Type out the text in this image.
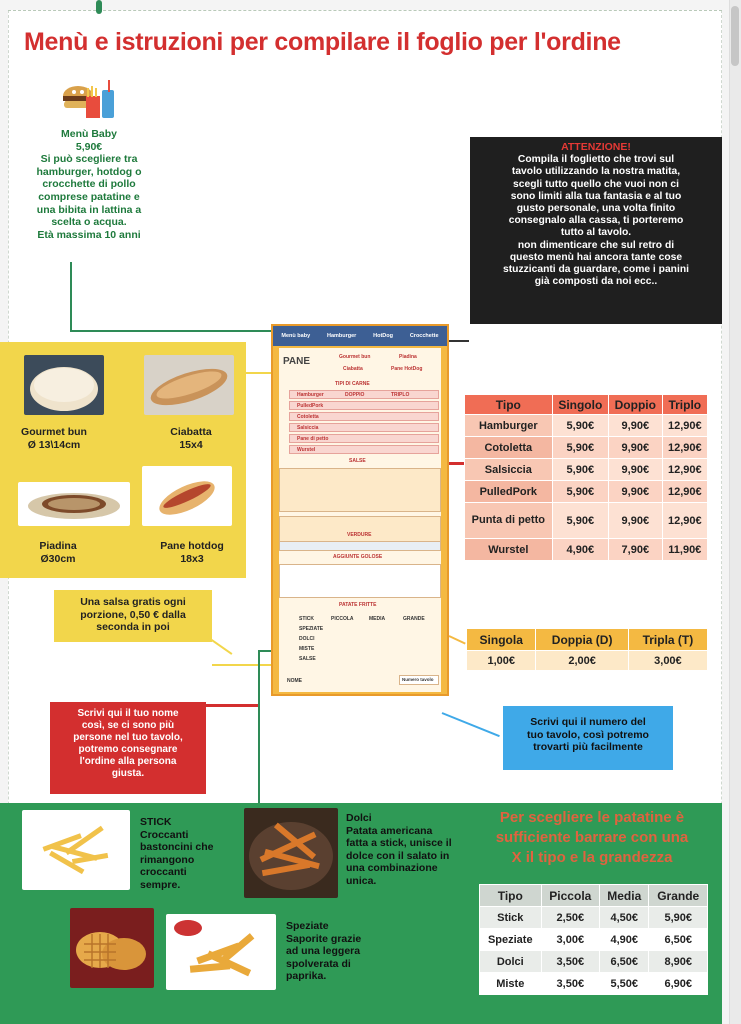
Menù e istruzioni per compilare il foglio per l'ordine
Menù Baby
5,90€
Si può scegliere tra
hamburger, hotdog o
crocchette di pollo
comprese patatine e
una bibita in lattina a
scelta o acqua.
Età massima 10 anni
ATTENZIONE!
Compila il foglietto che trovi sul
tavolo utilizzando la nostra matita,
scegli tutto quello che vuoi non ci
sono limiti alla tua fantasia e al tuo
gusto personale, una volta finito
consegnalo alla cassa, ti porteremo
tutto al tavolo.
non dimenticare che sul retro di
questo menù hai ancora tante cose
stuzzicanti da guardare, come i panini
già composti da noi ecc..
Gourmet bun
Ø 13\14cm
Ciabatta
15x4
Piadina
Ø30cm
Pane hotdog
18x3
Una salsa gratis ogni
porzione, 0,50 € dalla
seconda in poi
Menù baby	Hamburger	HotDog	Crocchette
PANE	Gourmet bun	Piadina
Ciabatta	Pane HotDog
TIPI DI CARNE
Hamburger	DOPPIO	TRIPLO
PulledPork
Cotoletta
Salsiccia
Pane di petto
Wurstel
SALSE
VERDURE
AGGIUNTE GOLOSE
PATATE FRITTE
STICK
SPEZIATE
DOLCI
MISTE
SALSE
PICCOLA	MEDIA	GRANDE
NOME	Numero tavolo
Tipo	Singolo	Doppio	Triplo
Hamburger	5,90€	9,90€	12,90€
Cotoletta	5,90€	9,90€	12,90€
Salsiccia	5,90€	9,90€	12,90€
PulledPork	5,90€	9,90€	12,90€
Punta di petto	5,90€	9,90€	12,90€
Wurstel	4,90€	7,90€	11,90€
Singola	Doppia (D)	Tripla (T)
1,00€	2,00€	3,00€
Scrivi qui il tuo nome
così, se ci sono più
persone nel tuo tavolo,
potremo consegnare
l'ordine alla persona
giusta.
Scrivi qui il numero del
tuo tavolo, così potremo
trovarti più facilmente
STICK
Croccanti
bastoncini che
rimangono
croccanti
sempre.
Dolci
Patata americana
fatta a stick, unisce il
dolce con il salato in
una combinazione
unica.
Speziate
Saporite grazie
ad una leggera
spolverata di
paprika.
Per scegliere le patatine è
sufficiente barrare con una
X il tipo e la grandezza
Tipo	Piccola	Media	Grande
Stick	2,50€	4,50€	5,90€
Speziate	3,00€	4,90€	6,50€
Dolci	3,50€	6,50€	8,90€
Miste	3,50€	5,50€	6,90€
